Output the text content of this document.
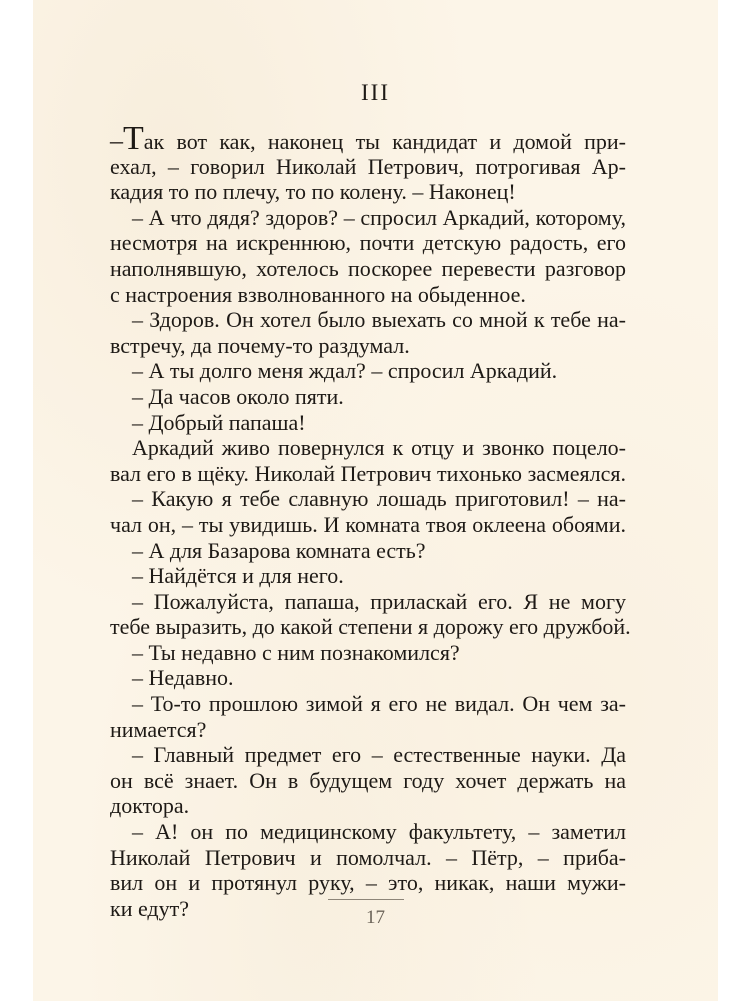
III
–Так вот как, наконец ты кандидат и домой при-
ехал, – говорил Николай Петрович, потрогивая Ар-
кадия то по плечу, то по колену. – Наконец!
– А что дядя? здоров? – спросил Аркадий, которому,
несмотря на искреннюю, почти детскую радость, его
наполнявшую, хотелось поскорее перевести разговор
с настроения взволнованного на обыденное.
– Здоров. Он хотел было выехать со мной к тебе на-
встречу, да почему-то раздумал.
– А ты долго меня ждал? – спросил Аркадий.
– Да часов около пяти.
– Добрый папаша!
Аркадий живо повернулся к отцу и звонко поцело-
вал его в щёку. Николай Петрович тихонько засмеялся.
– Какую я тебе славную лошадь приготовил! – на-
чал он, – ты увидишь. И комната твоя оклеена обоями.
– А для Базарова комната есть?
– Найдётся и для него.
– Пожалуйста, папаша, приласкай его. Я не могу
тебе выразить, до какой степени я дорожу его дружбой.
– Ты недавно с ним познакомился?
– Недавно.
– То-то прошлою зимой я его не видал. Он чем за-
нимается?
– Главный предмет его – естественные науки. Да
он всё знает. Он в будущем году хочет держать на
доктора.
– А! он по медицинскому факультету, – заметил
Николай Петрович и помолчал. – Пётр, – приба-
вил он и протянул руку, – это, никак, наши мужи-
ки едут?	17
